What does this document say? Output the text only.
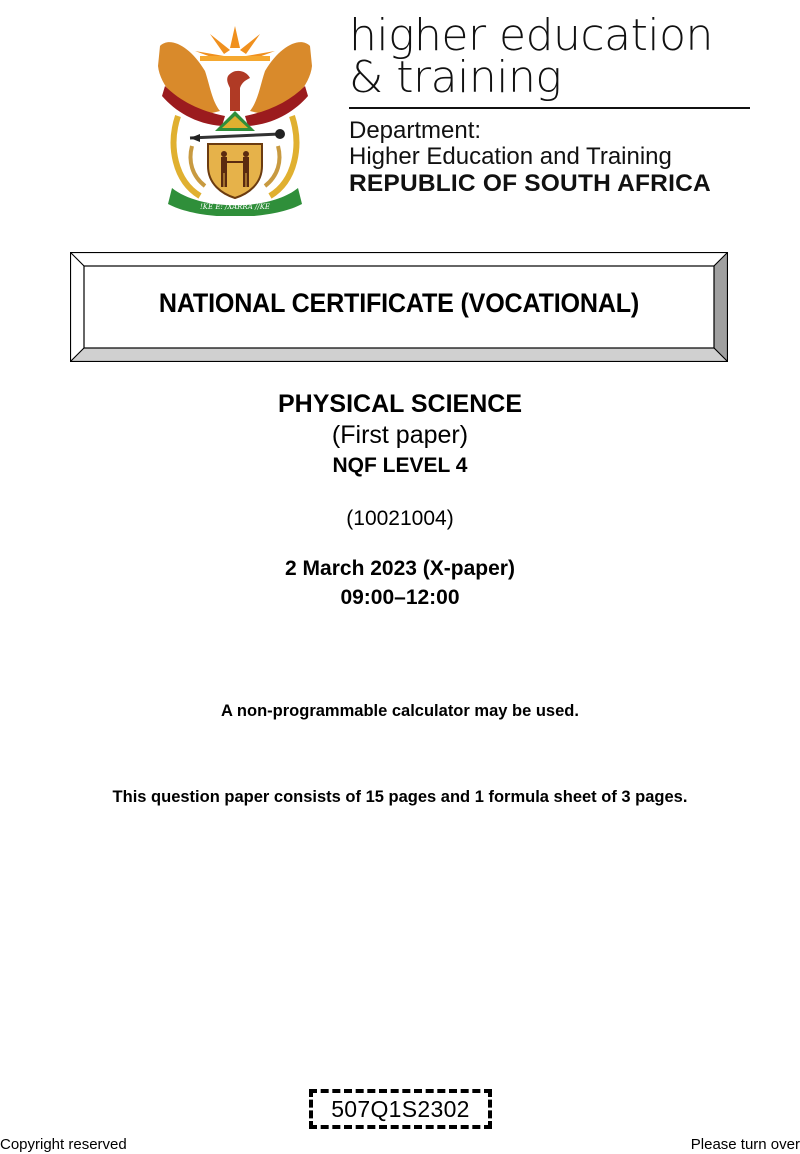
!KE E: /XARRA //KE
higher education
& training
Department:
Higher Education and Training
REPUBLIC OF SOUTH AFRICA
NATIONAL CERTIFICATE (VOCATIONAL)
PHYSICAL SCIENCE
(First paper)
NQF LEVEL 4
(10021004)
2 March 2023 (X-paper)
09:00–12:00
A non-programmable calculator may be used.
This question paper consists of 15 pages and 1 formula sheet of 3 pages.
507Q1S2302
Copyright reserved	Please turn over
